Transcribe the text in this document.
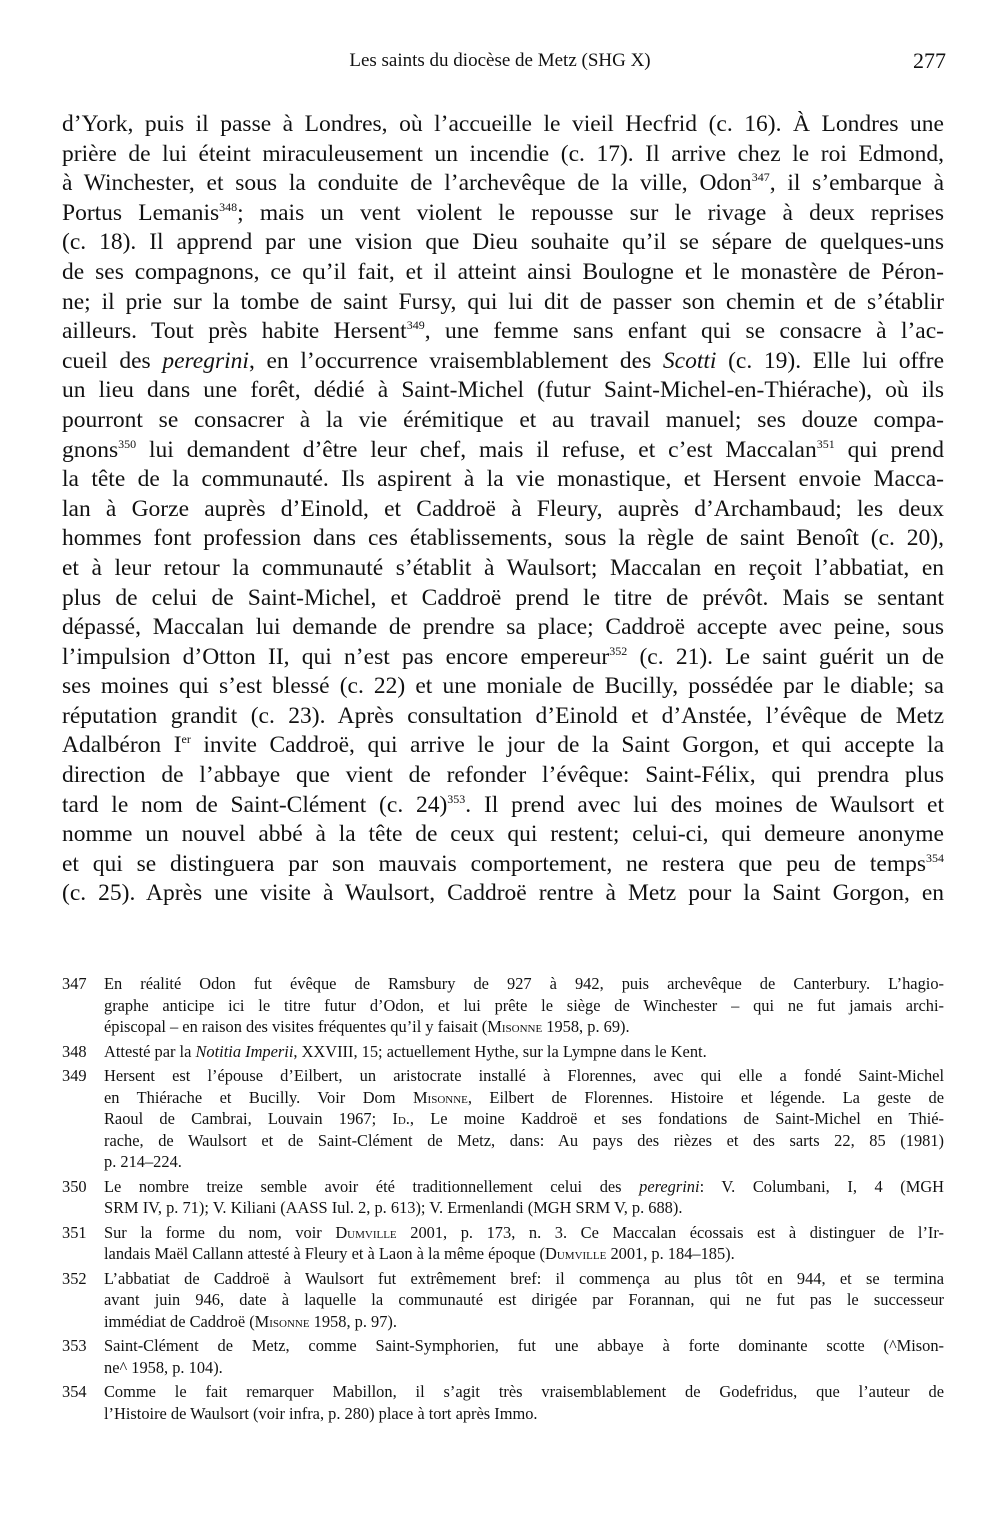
Les saints du diocèse de Metz (SHG X)	277
d’York, puis il passe à Londres, où l’accueille le vieil Hecfrid (c. 16). À Londres une
prière de lui éteint miraculeusement un incendie (c. 17). Il arrive chez le roi Edmond,
à Winchester, et sous la conduite de l’archevêque de la ville, Odon$^{347}$, il s’embarque à
Portus Lemanis$^{348}$; mais un vent violent le repousse sur le rivage à deux reprises
(c. 18). Il apprend par une vision que Dieu souhaite qu’il se sépare de quelques-uns
de ses compagnons, ce qu’il fait, et il atteint ainsi Boulogne et le monastère de Péron-
ne; il prie sur la tombe de saint Fursy, qui lui dit de passer son chemin et de s’établir
ailleurs. Tout près habite Hersent$^{349}$, une femme sans enfant qui se consacre à l’ac-
cueil des peregrini, en l’occurrence vraisemblablement des Scotti (c. 19). Elle lui offre
un lieu dans une forêt, dédié à Saint-Michel (futur Saint-Michel-en-Thiérache), où ils
pourront se consacrer à la vie érémitique et au travail manuel; ses douze compa-
gnons$^{350}$ lui demandent d’être leur chef, mais il refuse, et c’est Maccalan$^{351}$ qui prend
la tête de la communauté. Ils aspirent à la vie monastique, et Hersent envoie Macca-
lan à Gorze auprès d’Einold, et Caddroë à Fleury, auprès d’Archambaud; les deux
hommes font profession dans ces établissements, sous la règle de saint Benoît (c. 20),
et à leur retour la communauté s’établit à Waulsort; Maccalan en reçoit l’abbatiat, en
plus de celui de Saint-Michel, et Caddroë prend le titre de prévôt. Mais se sentant
dépassé, Maccalan lui demande de prendre sa place; Caddroë accepte avec peine, sous
l’impulsion d’Otton II, qui n’est pas encore empereur$^{352}$ (c. 21). Le saint guérit un de
ses moines qui s’est blessé (c. 22) et une moniale de Bucilly, possédée par le diable; sa
réputation grandit (c. 23). Après consultation d’Einold et d’Anstée, l’évêque de Metz
Adalbéron Ier invite Caddroë, qui arrive le jour de la Saint Gorgon, et qui accepte la
direction de l’abbaye que vient de refonder l’évêque: Saint-Félix, qui prendra plus
tard le nom de Saint-Clément (c. 24)$^{353}$. Il prend avec lui des moines de Waulsort et
nomme un nouvel abbé à la tête de ceux qui restent; celui-ci, qui demeure anonyme
et qui se distinguera par son mauvais comportement, ne restera que peu de temps$^{354}$
(c. 25). Après une visite à Waulsort, Caddroë rentre à Metz pour la Saint Gorgon, en
347 En réalité Odon fut évêque de Ramsbury de 927 à 942, puis archevêque de Canterbury. L’hagio-
graphe anticipe ici le titre futur d’Odon, et lui prête le siège de Winchester – qui ne fut jamais archi-
épiscopal – en raison des visites fréquentes qu’il y faisait (Misonne 1958, p. 69).
348 Attesté par la Notitia Imperii, XXVIII, 15; actuellement Hythe, sur la Lympne dans le Kent.
349 Hersent est l’épouse d’Eilbert, un aristocrate installé à Florennes, avec qui elle a fondé Saint-Michel
en Thiérache et Bucilly. Voir Dom Misonne, Eilbert de Florennes. Histoire et légende. La geste de
Raoul de Cambrai, Louvain 1967; Id., Le moine Kaddroë et ses fondations de Saint-Michel en Thié-
rache, de Waulsort et de Saint-Clément de Metz, dans: Au pays des rièzes et des sarts 22, 85 (1981)
p. 214–224.
350 Le nombre treize semble avoir été traditionnellement celui des peregrini: V. Columbani, I, 4 (MGH
SRM IV, p. 71); V. Kiliani (AASS Iul. 2, p. 613); V. Ermenlandi (MGH SRM V, p. 688).
351 Sur la forme du nom, voir Dumville 2001, p. 173, n. 3. Ce Maccalan écossais est à distinguer de l’Ir-
landais Maël Callann attesté à Fleury et à Laon à la même époque (Dumville 2001, p. 184–185).
352 L’abbatiat de Caddroë à Waulsort fut extrêmement bref: il commença au plus tôt en 944, et se termina
avant juin 946, date à laquelle la communauté est dirigée par Forannan, qui ne fut pas le successeur
immédiat de Caddroë (Misonne 1958, p. 97).
353 Saint-Clément de Metz, comme Saint-Symphorien, fut une abbaye à forte dominante scotte (^Mison-
ne^ 1958, p. 104).
354 Comme le fait remarquer Mabillon, il s’agit très vraisemblablement de Godefridus, que l’auteur de
l’Histoire de Waulsort (voir infra, p. 280) place à tort après Immo.
